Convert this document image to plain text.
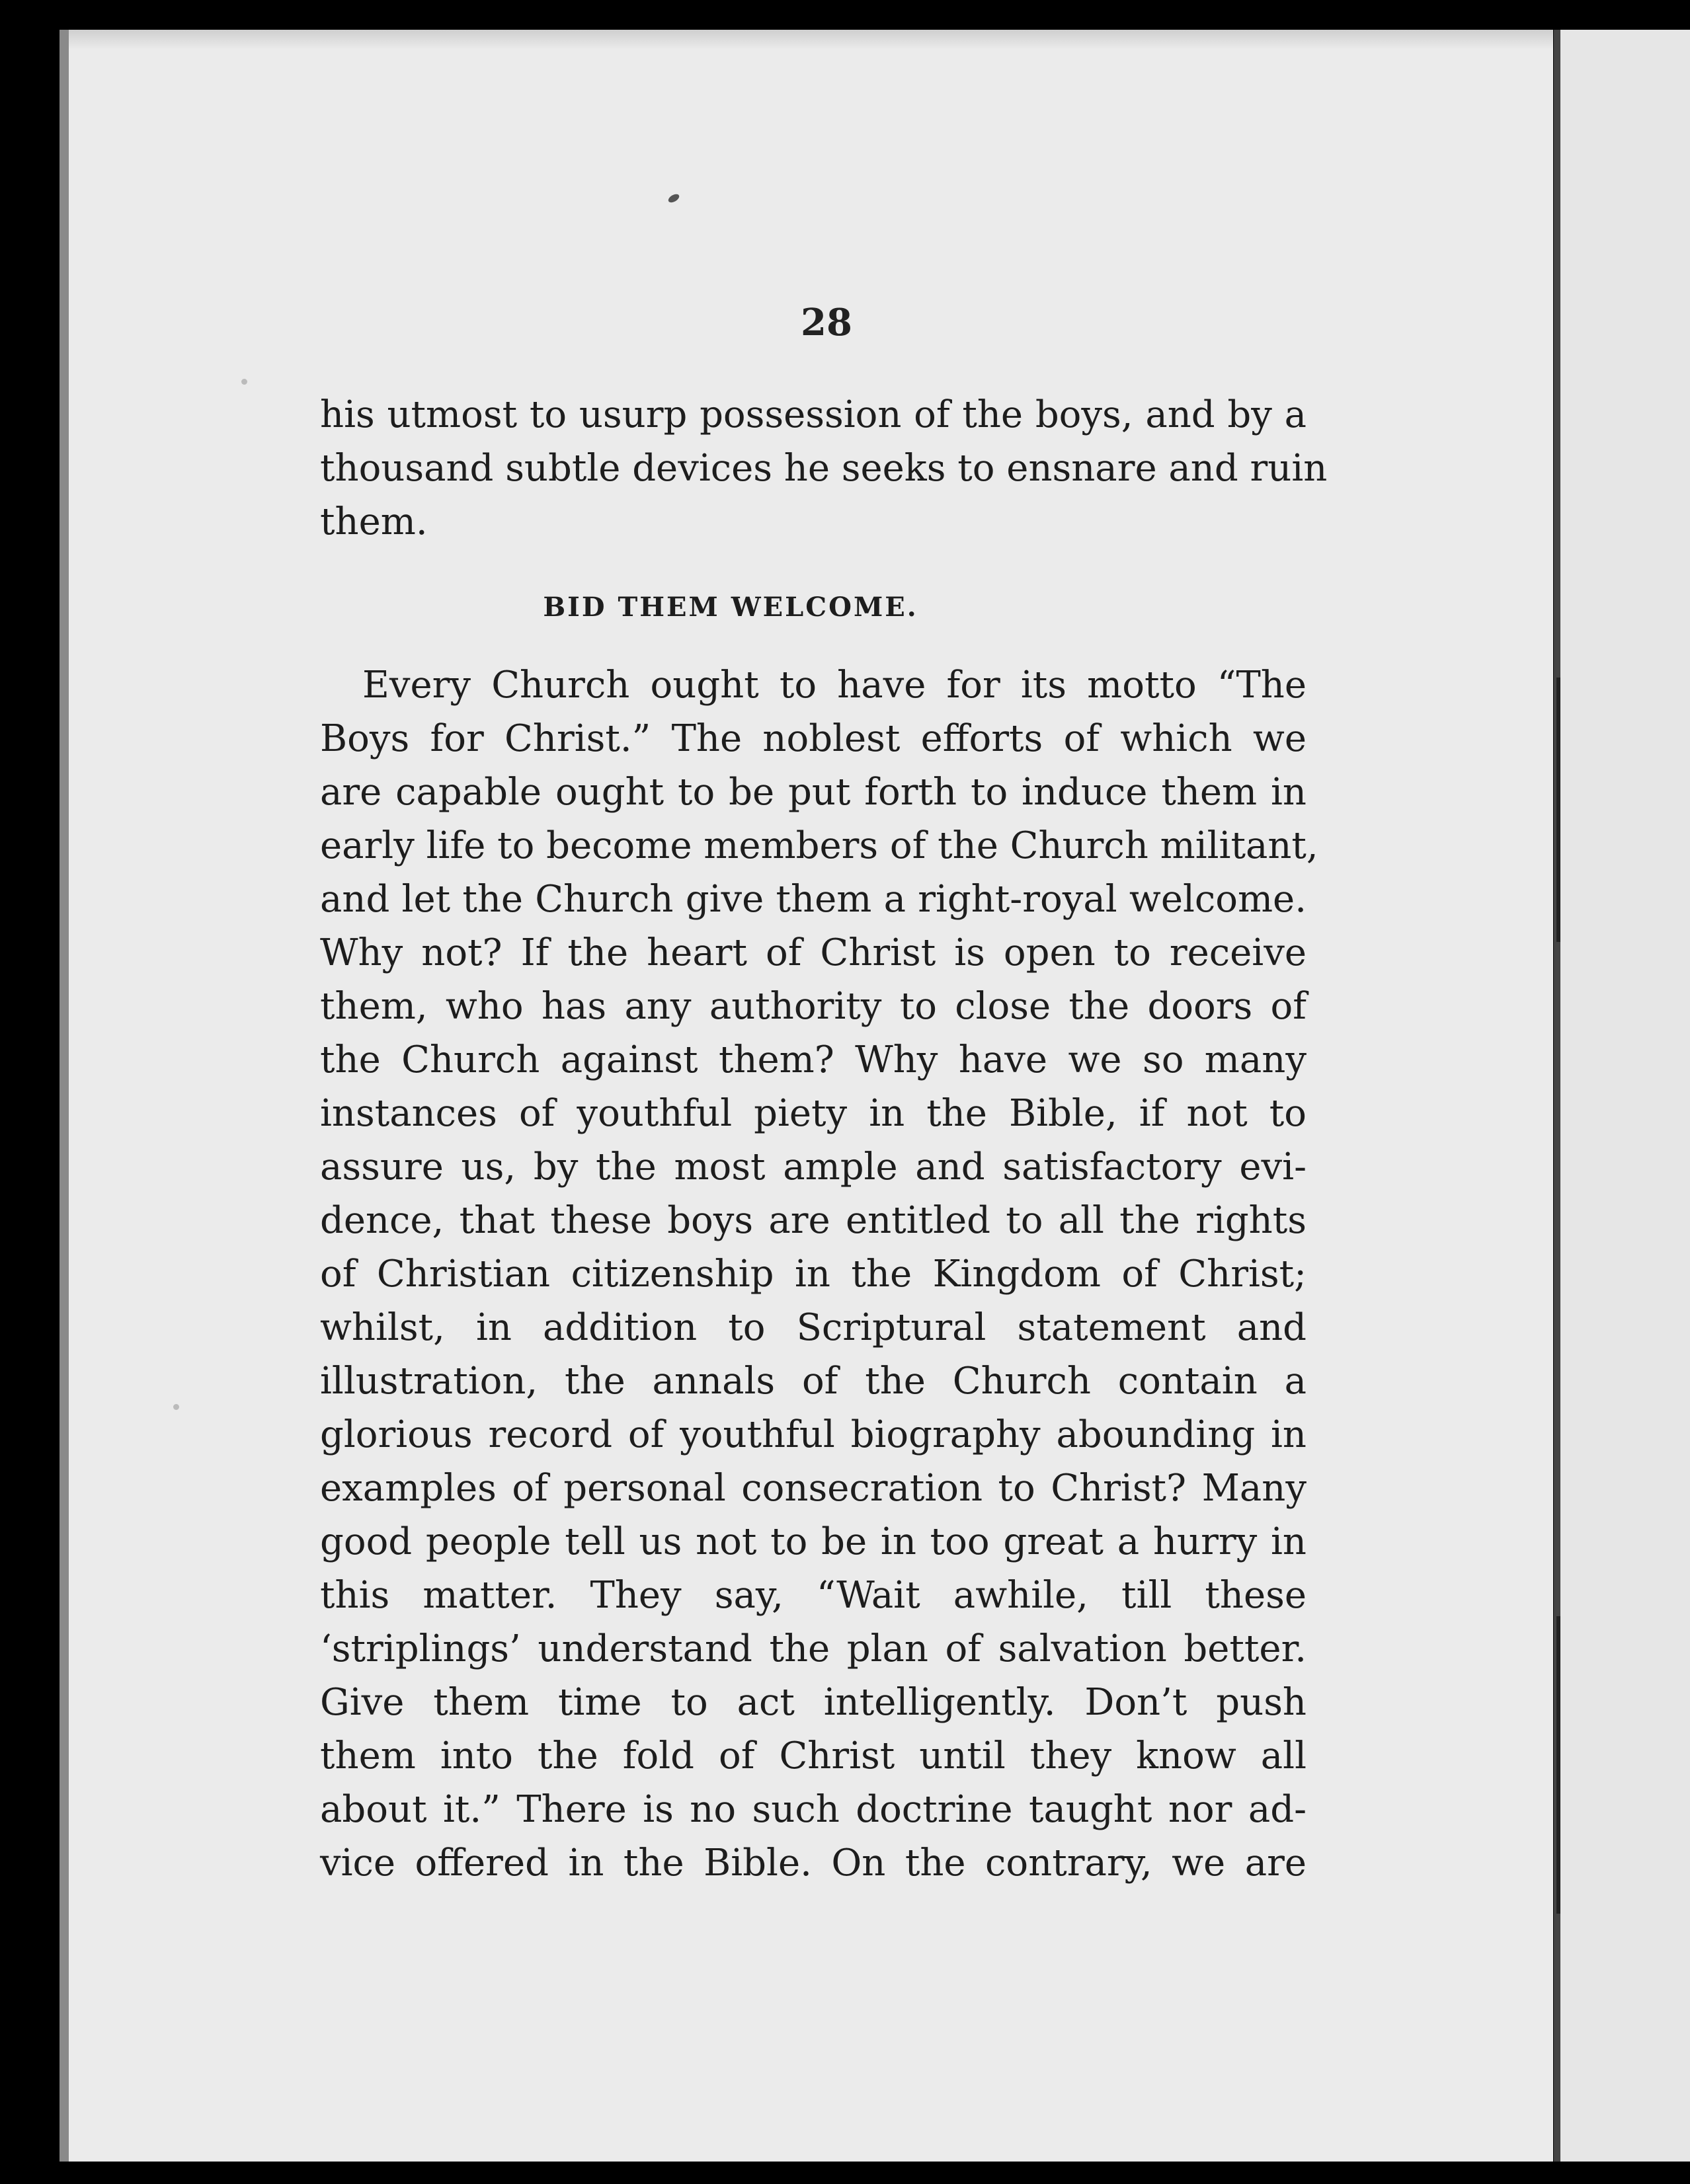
28
his utmost to usurp possession of the boys, and by a
thousand subtle devices he seeks to ensnare and ruin
them.
BID THEM WELCOME.
Every Church ought to have for its motto “The
Boys for Christ.” The noblest efforts of which we
are capable ought to be put forth to induce them in
early life to become members of the Church militant,
and let the Church give them a right-royal welcome.
Why not? If the heart of Christ is open to receive
them, who has any authority to close the doors of
the Church against them? Why have we so many
instances of youthful piety in the Bible, if not to
assure us, by the most ample and satisfactory evi-
dence, that these boys are entitled to all the rights
of Christian citizenship in the Kingdom of Christ;
whilst, in addition to Scriptural statement and
illustration, the annals of the Church contain a
glorious record of youthful biography abounding in
examples of personal consecration to Christ? Many
good people tell us not to be in too great a hurry in
this matter. They say, “Wait awhile, till these
‘striplings’ understand the plan of salvation better.
Give them time to act intelligently. Don’t push
them into the fold of Christ until they know all
about it.” There is no such doctrine taught nor ad-
vice offered in the Bible. On the contrary, we are
